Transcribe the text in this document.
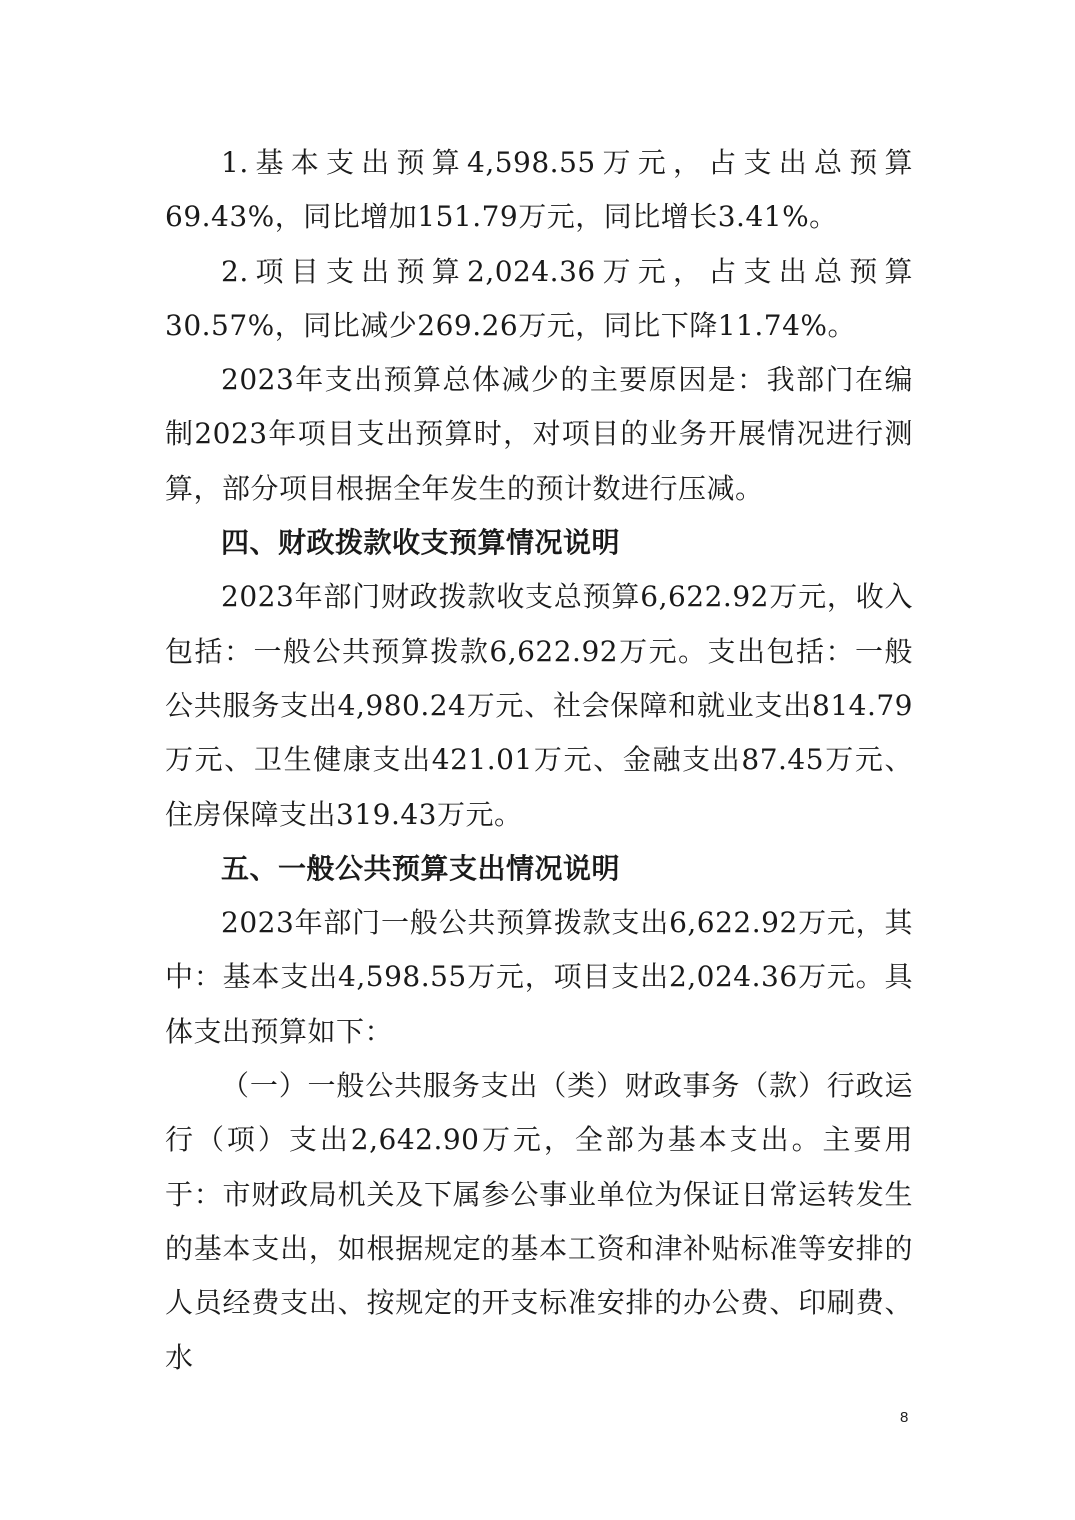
1.基本支出预算4,598.55万元，占支出总预算69.43%，同比增加151.79万元，同比增长3.41%。

2.项目支出预算2,024.36万元，占支出总预算30.57%，同比减少269.26万元，同比下降11.74%。

2023年支出预算总体减少的主要原因是：我部门在编制2023年项目支出预算时，对项目的业务开展情况进行测算，部分项目根据全年发生的预计数进行压减。

四、财政拨款收支预算情况说明

2023年部门财政拨款收支总预算6,622.92万元，收入包括：一般公共预算拨款6,622.92万元。支出包括：一般公共服务支出4,980.24万元、社会保障和就业支出814.79万元、卫生健康支出421.01万元、金融支出87.45万元、住房保障支出319.43万元。

五、一般公共预算支出情况说明

2023年部门一般公共预算拨款支出6,622.92万元，其中：基本支出4,598.55万元，项目支出2,024.36万元。具体支出预算如下：

（一）一般公共服务支出（类）财政事务（款）行政运行（项）支出2,642.90万元，全部为基本支出。主要用于：市财政局机关及下属参公事业单位为保证日常运转发生的基本支出，如根据规定的基本工资和津补贴标准等安排的人员经费支出、按规定的开支标准安排的办公费、印刷费、水

8
